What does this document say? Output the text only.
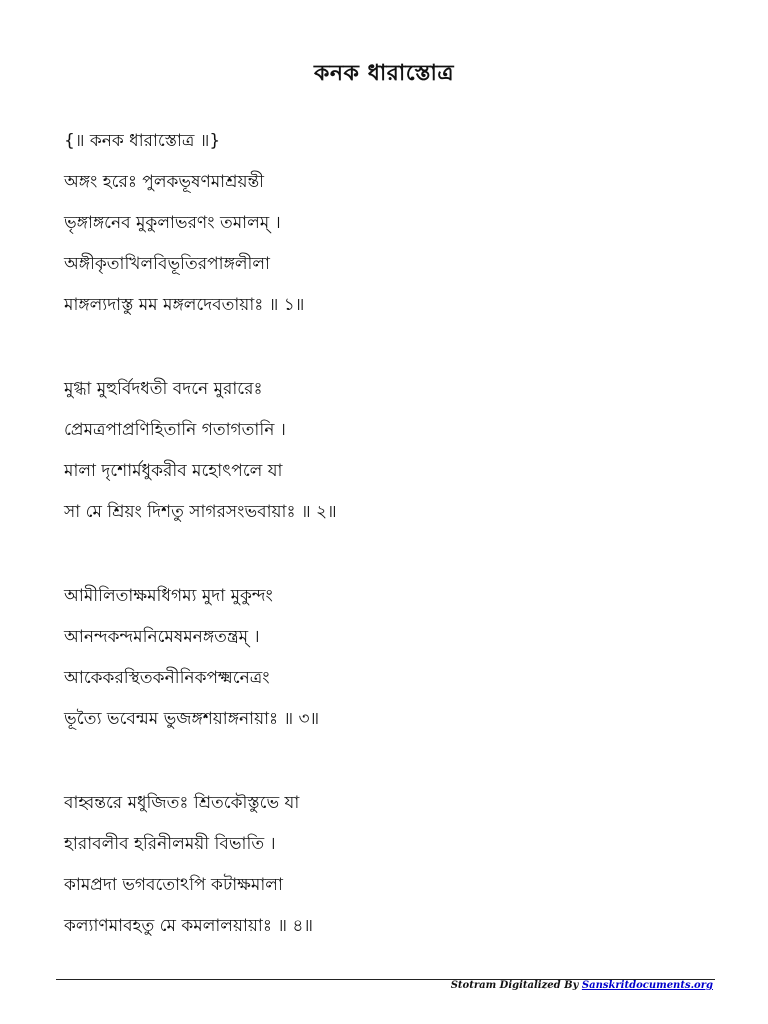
কনক ধারাস্তোত্র
{॥ কনক ধারাস্তোত্র ॥}
অঙ্গং হরেঃ পুলকভূষণমাশ্রয়ন্তী
ভৃঙ্গাঙ্গনেব মুকুলাভরণং তমালম্ ।
অঙ্গীকৃতাখিলবিভূতিরপাঙ্গলীলা
মাঙ্গল্যদাস্তু মম মঙ্গলদেবতায়াঃ ॥ ১॥
মুগ্ধা মুহুর্বিদধতী বদনে মুরারেঃ
প্রেমত্রপাপ্রণিহিতানি গতাগতানি ।
মালা দৃশোর্মধুকরীব মহোৎপলে যা
সা মে শ্রিয়ং দিশতু সাগরসংভবায়াঃ ॥ ২॥
আমীলিতাক্ষমধিগম্য মুদা মুকুন্দং
আনন্দকন্দমনিমেষমনঙ্গতন্ত্রম্ ।
আকেকরস্থিতকনীনিকপক্ষ্মনেত্রং
ভূত্যৈ ভবেন্মম ভুজঙ্গশয়াঙ্গনায়াঃ ॥ ৩॥
বাহ্বন্তরে মধুজিতঃ শ্রিতকৌস্তুভে যা
হারাবলীব হরিনীলময়ী বিভাতি ।
কামপ্রদা ভগবতোঽপি কটাক্ষমালা
কল্যাণমাবহতু মে কমলালয়ায়াঃ ॥ ৪॥
Stotram Digitalized By Sanskritdocuments.org
